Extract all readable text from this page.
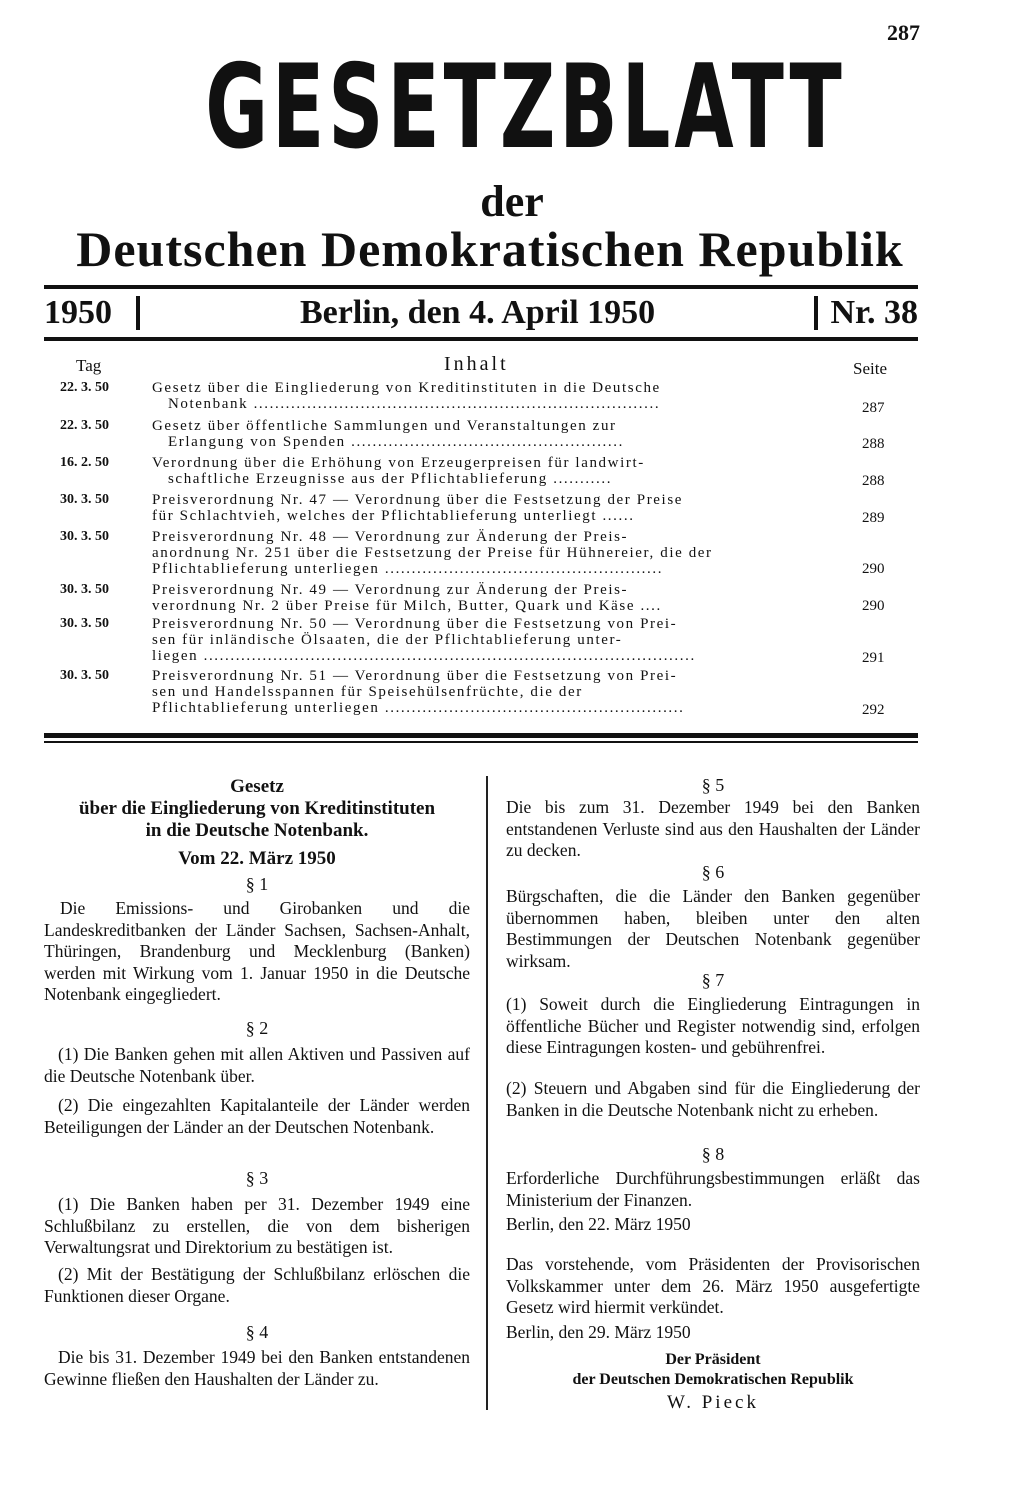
287
GESETZBLATT
der
Deutschen Demokratischen Republik
1950	Berlin, den 4. April 1950	Nr. 38
Tag	Inhalt	Seite
22. 3. 50	Gesetz über die Eingliederung von Kreditinstituten in die Deutsche
Notenbank ............................................................................	287
22. 3. 50	Gesetz über öffentliche Sammlungen und Veranstaltungen zur
Erlangung von Spenden ...................................................	288
16. 2. 50	Verordnung über die Erhöhung von Erzeugerpreisen für landwirt-
schaftliche Erzeugnisse aus der Pflichtablieferung ...........	288
30. 3. 50	Preisverordnung Nr. 47 — Verordnung über die Festsetzung der Preise
für Schlachtvieh, welches der Pflichtablieferung unterliegt ......	289
30. 3. 50	Preisverordnung Nr. 48 — Verordnung zur Änderung der Preis-
anordnung Nr. 251 über die Festsetzung der Preise für Hühnereier, die der
Pflichtablieferung unterliegen ....................................................	290
30. 3. 50	Preisverordnung Nr. 49 — Verordnung zur Änderung der Preis-
verordnung Nr. 2 über Preise für Milch, Butter, Quark und Käse ....	290
30. 3. 50	Preisverordnung Nr. 50 — Verordnung über die Festsetzung von Prei-
sen für inländische Ölsaaten, die der Pflichtablieferung unter-
liegen ............................................................................................	291
30. 3. 50	Preisverordnung Nr. 51 — Verordnung über die Festsetzung von Prei-
sen und Handelsspannen für Speisehülsenfrüchte, die der
Pflichtablieferung unterliegen ........................................................	292
Gesetz
über die Eingliederung von Kreditinstituten
in die Deutsche Notenbank.
Vom 22. März 1950
§ 1
Die Emissions- und Girobanken und die Landeskreditbanken der Länder Sachsen, Sachsen-Anhalt, Thüringen, Brandenburg und Mecklenburg (Banken) werden mit Wirkung vom 1. Januar 1950 in die Deutsche Notenbank eingegliedert.
§ 2
(1) Die Banken gehen mit allen Aktiven und Passiven auf die Deutsche Notenbank über.
(2) Die eingezahlten Kapitalanteile der Länder werden Beteiligungen der Länder an der Deutschen Notenbank.
§ 3
(1) Die Banken haben per 31. Dezember 1949 eine Schlußbilanz zu erstellen, die von dem bisherigen Verwaltungsrat und Direktorium zu bestätigen ist.
(2) Mit der Bestätigung der Schlußbilanz erlöschen die Funktionen dieser Organe.
§ 4
Die bis 31. Dezember 1949 bei den Banken entstandenen Gewinne fließen den Haushalten der Länder zu.
§ 5
Die bis zum 31. Dezember 1949 bei den Banken entstandenen Verluste sind aus den Haushalten der Länder zu decken.
§ 6
Bürgschaften, die die Länder den Banken gegenüber übernommen haben, bleiben unter den alten Bestimmungen der Deutschen Notenbank gegenüber wirksam.
§ 7
(1) Soweit durch die Eingliederung Eintragungen in öffentliche Bücher und Register notwendig sind, erfolgen diese Eintragungen kosten- und gebührenfrei.
(2) Steuern und Abgaben sind für die Eingliederung der Banken in die Deutsche Notenbank nicht zu erheben.
§ 8
Erforderliche Durchführungsbestimmungen erläßt das Ministerium der Finanzen.
Berlin, den 22. März 1950
Das vorstehende, vom Präsidenten der Provisorischen Volkskammer unter dem 26. März 1950 ausgefertigte Gesetz wird hiermit verkündet.
Berlin, den 29. März 1950
Der Präsident
der Deutschen Demokratischen Republik
W. Pieck
